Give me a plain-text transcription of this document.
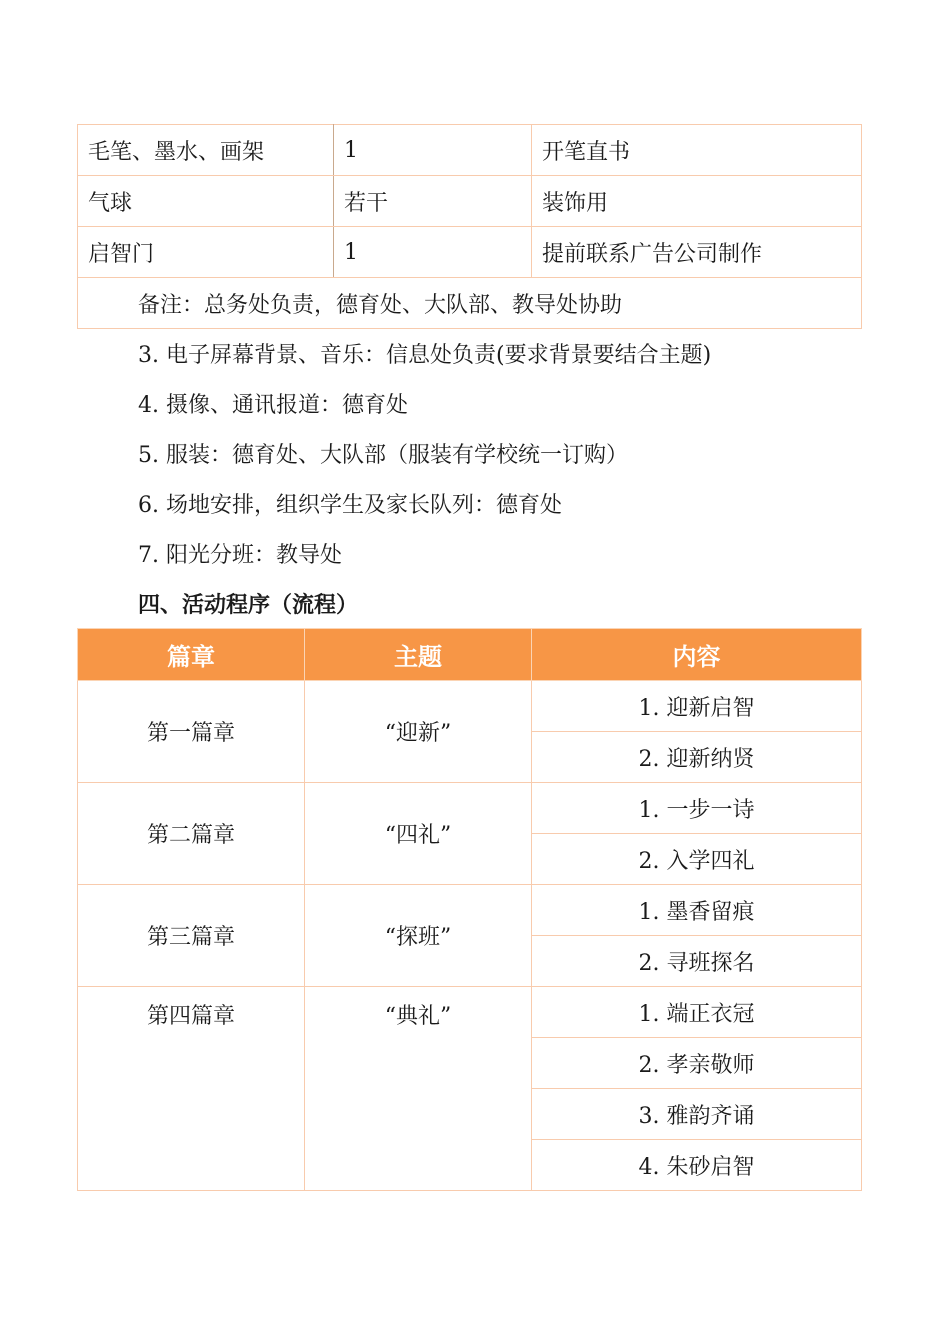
毛笔、墨水、画架	1	开笔直书
气球	若干	装饰用
启智门	1	提前联系广告公司制作
备注：总务处负责，德育处、大队部、教导处协助		
3. 电子屏幕背景、音乐：信息处负责(要求背景要结合主题)
4. 摄像、通讯报道：德育处
5. 服装：德育处、大队部（服装有学校统一订购）
6. 场地安排，组织学生及家长队列：德育处
7. 阳光分班：教导处
四、活动程序（流程）
篇章	主题	内容
第一篇章	“迎新”	1. 迎新启智
		2. 迎新纳贤
第二篇章	“四礼”	1. 一步一诗
		2. 入学四礼
第三篇章	“探班”	1. 墨香留痕
		2. 寻班探名
第四篇章	“典礼”	1. 端正衣冠
		2. 孝亲敬师
		3. 雅韵齐诵
		4. 朱砂启智
